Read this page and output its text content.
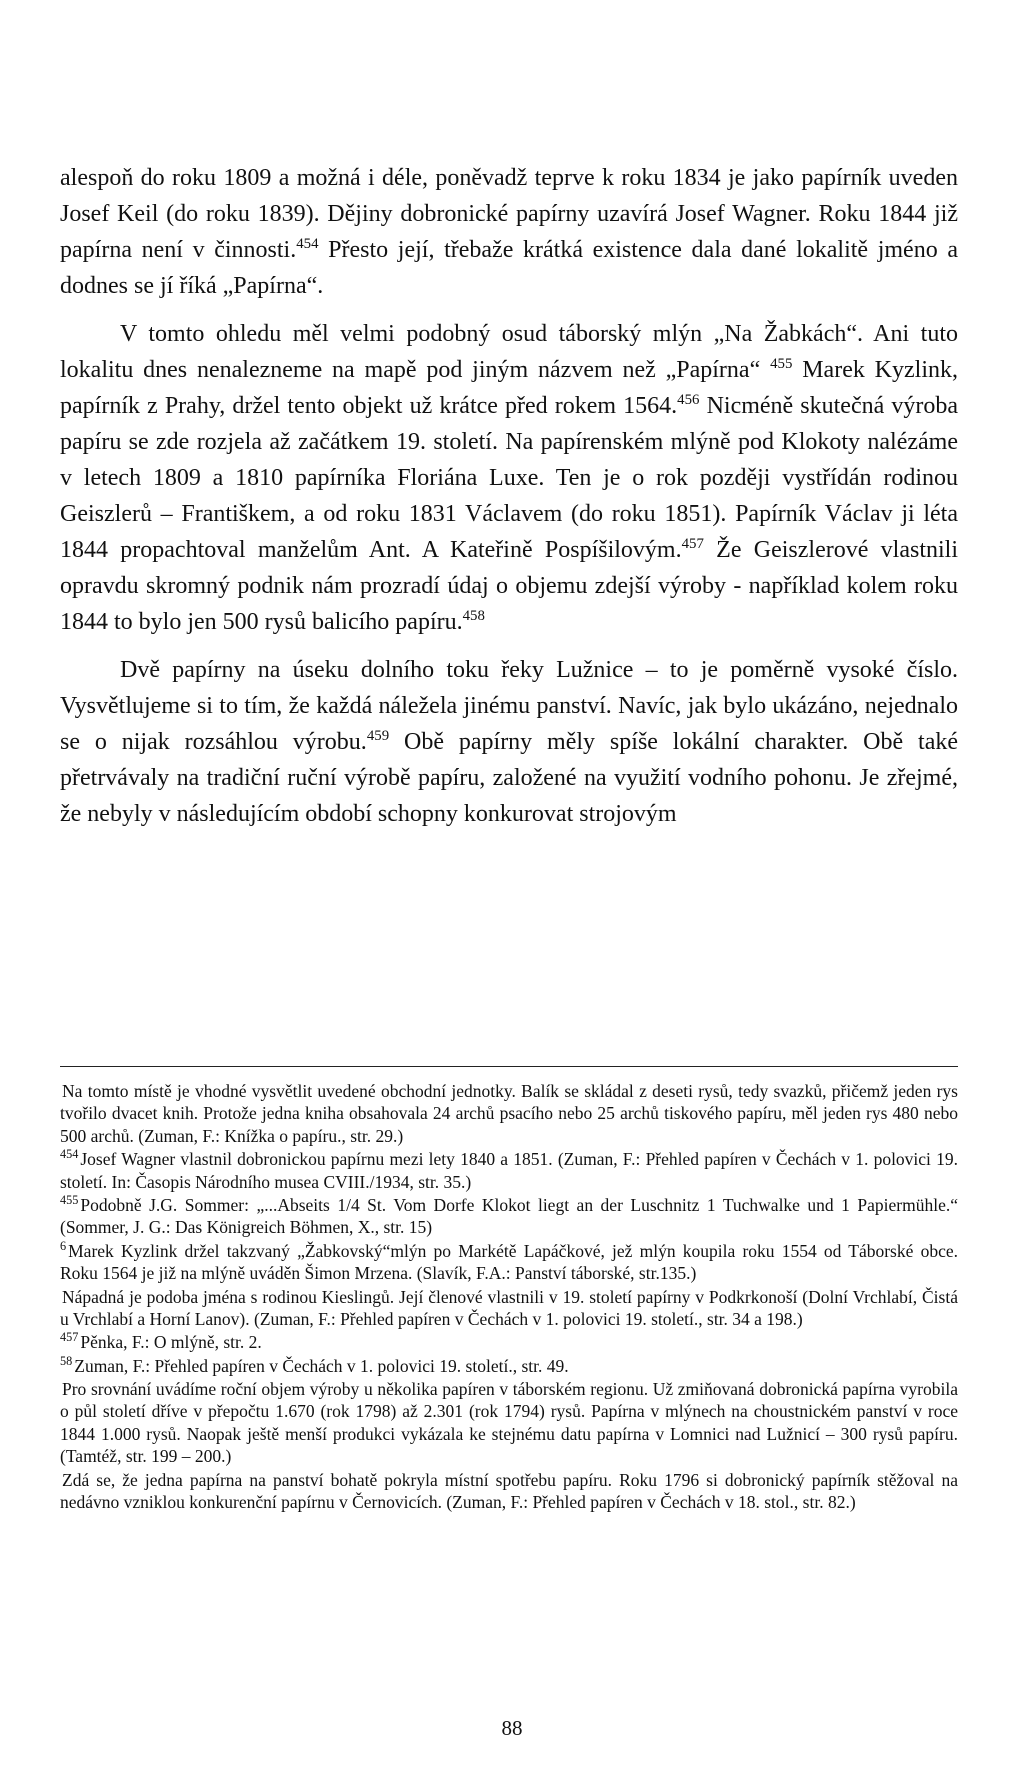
alespoň do roku 1809 a možná i déle, poněvadž teprve k roku 1834 je jako papírník uveden Josef Keil (do roku 1839). Dějiny dobronické papírny uzavírá Josef Wagner. Roku 1844 již papírna není v činnosti.$^{454}$ Přesto její, třebaže krátká existence dala dané lokalitě jméno a dodnes se jí říká „Papírna“.

V tomto ohledu měl velmi podobný osud táborský mlýn „Na Žabkách“. Ani tuto lokalitu dnes nenalezneme na mapě pod jiným názvem než „Papírna“ $^{455}$ Marek Kyzlink, papírník z Prahy, držel tento objekt už krátce před rokem 1564.$^{456}$ Nicméně skutečná výroba papíru se zde rozjela až začátkem 19. století. Na papírenském mlýně pod Klokoty nalézáme v letech 1809 a 1810 papírníka Floriána Luxe. Ten je o rok později vystřídán rodinou Geiszlerů – Františkem, a od roku 1831 Václavem (do roku 1851). Papírník Václav ji léta 1844 propachtoval manželům Ant. A Kateřině Pospíšilovým.$^{457}$ Že Geiszlerové vlastnili opravdu skromný podnik nám prozradí údaj o objemu zdejší výroby - například kolem roku 1844 to bylo jen 500 rysů balicího papíru.$^{458}$

Dvě papírny na úseku dolního toku řeky Lužnice – to je poměrně vysoké číslo. Vysvětlujeme si to tím, že každá náležela jinému panství. Navíc, jak bylo ukázáno, nejednalo se o nijak rozsáhlou výrobu.$^{459}$ Obě papírny měly spíše lokální charakter. Obě také přetrvávaly na tradiční ruční výrobě papíru, založené na využití vodního pohonu. Je zřejmé, že nebyly v následujícím období schopny konkurovat strojovým

Na tomto místě je vhodné vysvětlit uvedené obchodní jednotky. Balík se skládal z deseti rysů, tedy svazků, přičemž jeden rys tvořilo dvacet knih. Protože jedna kniha obsahovala 24 archů psacího nebo 25 archů tiskového papíru, měl jeden rys 480 nebo 500 archů. (Zuman, F.: Knížka o papíru., str. 29.)

$^{454}$ Josef Wagner vlastnil dobronickou papírnu mezi lety 1840 a 1851. (Zuman, F.: Přehled papíren v Čechách v 1. polovici 19. století. In: Časopis Národního musea CVIII./1934, str. 35.)

$^{455}$ Podobně J.G. Sommer: „...Abseits 1/4 St. Vom Dorfe Klokot liegt an der Luschnitz 1 Tuchwalke und 1 Papiermühle.“ (Sommer, J. G.: Das Königreich Böhmen, X., str. 15)

$^6$ Marek Kyzlink držel takzvaný „Žabkovský“mlýn po Markétě Lapáčkové, jež mlýn koupila roku 1554 od Táborské obce. Roku 1564 je již na mlýně uváděn Šimon Mrzena. (Slavík, F.A.: Panství táborské, str.135.)

Nápadná je podoba jména s rodinou Kieslingů. Její členové vlastnili v 19. století papírny v Podkrkonoší (Dolní Vrchlabí, Čistá u Vrchlabí a Horní Lanov). (Zuman, F.: Přehled papíren v Čechách v 1. polovici 19. století., str. 34 a 198.)

$^{457}$ Pěnka, F.: O mlýně, str. 2.

$^{58}$ Zuman, F.: Přehled papíren v Čechách v 1. polovici 19. století., str. 49.

Pro srovnání uvádíme roční objem výroby u několika papíren v táborském regionu. Už zmiňovaná dobronická papírna vyrobila o půl století dříve v přepočtu 1.670 (rok 1798) až 2.301 (rok 1794) rysů. Papírna v mlýnech na choustnickém panství v roce 1844 1.000 rysů. Naopak ještě menší produkci vykázala ke stejnému datu papírna v Lomnici nad Lužnicí – 300 rysů papíru. (Tamtéž, str. 199 – 200.)

Zdá se, že jedna papírna na panství bohatě pokryla místní spotřebu papíru. Roku 1796 si dobronický papírník stěžoval na nedávno vzniklou konkurenční papírnu v Černovicích. (Zuman, F.: Přehled papíren v Čechách v 18. stol., str. 82.)

88
